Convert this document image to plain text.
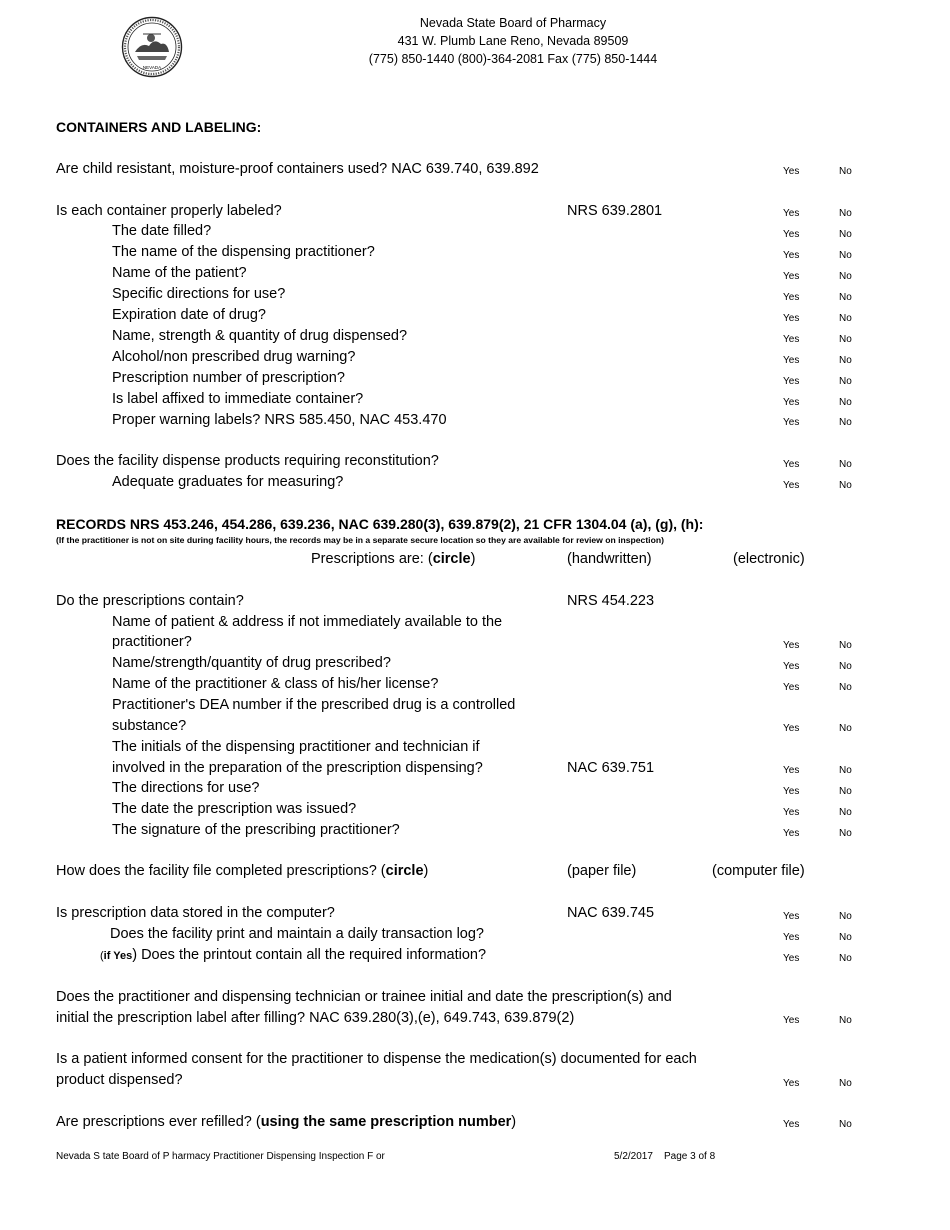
NEVADA
Nevada State Board of Pharmacy
431 W. Plumb Lane Reno, Nevada 89509
(775) 850-1440 (800)-364-2081 Fax (775) 850-1444
CONTAINERS AND LABELING:
Are child resistant, moisture-proof containers used? NAC 639.740, 639.892	Yes	No
Is each container properly labeled?	NRS 639.2801	Yes	No
The date filled?	Yes	No
The name of the dispensing practitioner?	Yes	No
Name of the patient?	Yes	No
Specific directions for use?	Yes	No
Expiration date of drug?	Yes	No
Name, strength & quantity of drug dispensed?	Yes	No
Alcohol/non prescribed drug warning?	Yes	No
Prescription number of prescription?	Yes	No
Is label affixed to immediate container?	Yes	No
Proper warning labels? NRS 585.450, NAC 453.470	Yes	No
Does the facility dispense products requiring reconstitution?	Yes	No
Adequate graduates for measuring?	Yes	No
RECORDS NRS 453.246, 454.286, 639.236, NAC 639.280(3), 639.879(2), 21 CFR 1304.04 (a), (g), (h):
(If the practitioner is not on site during facility hours, the records may be in a separate secure location so they are available for review on inspection)
Prescriptions are: (circle)	(handwritten)	(electronic)
Do the prescriptions contain?	NRS 454.223
Name of patient & address if not immediately available to the
practitioner?	Yes	No
Name/strength/quantity of drug prescribed?	Yes	No
Name of the practitioner & class of his/her license?	Yes	No
Practitioner's DEA number if the prescribed drug is a controlled
substance?	Yes	No
The initials of the dispensing practitioner and technician if
involved in the preparation of the prescription dispensing?	NAC 639.751	Yes	No
The directions for use?	Yes	No
The date the prescription was issued?	Yes	No
The signature of the prescribing practitioner?	Yes	No
How does the facility file completed prescriptions? (circle)	(paper file)	(computer file)
Is prescription data stored in the computer?	NAC 639.745	Yes	No
Does the facility print and maintain a daily transaction log?	Yes	No
(if Yes) Does the printout contain all the required information?	Yes	No
Does the practitioner and dispensing technician or trainee initial and date the prescription(s) and
initial the prescription label after filling? NAC 639.280(3),(e), 649.743, 639.879(2)	Yes	No
Is a patient informed consent for the practitioner to dispense the medication(s) documented for each
product dispensed?	Yes	No
Are prescriptions ever refilled? (using the same prescription number)	Yes	No
Nevada S tate Board of P harmacy Practitioner Dispensing Inspection F or	5/2/2017 Page 3 of 8
